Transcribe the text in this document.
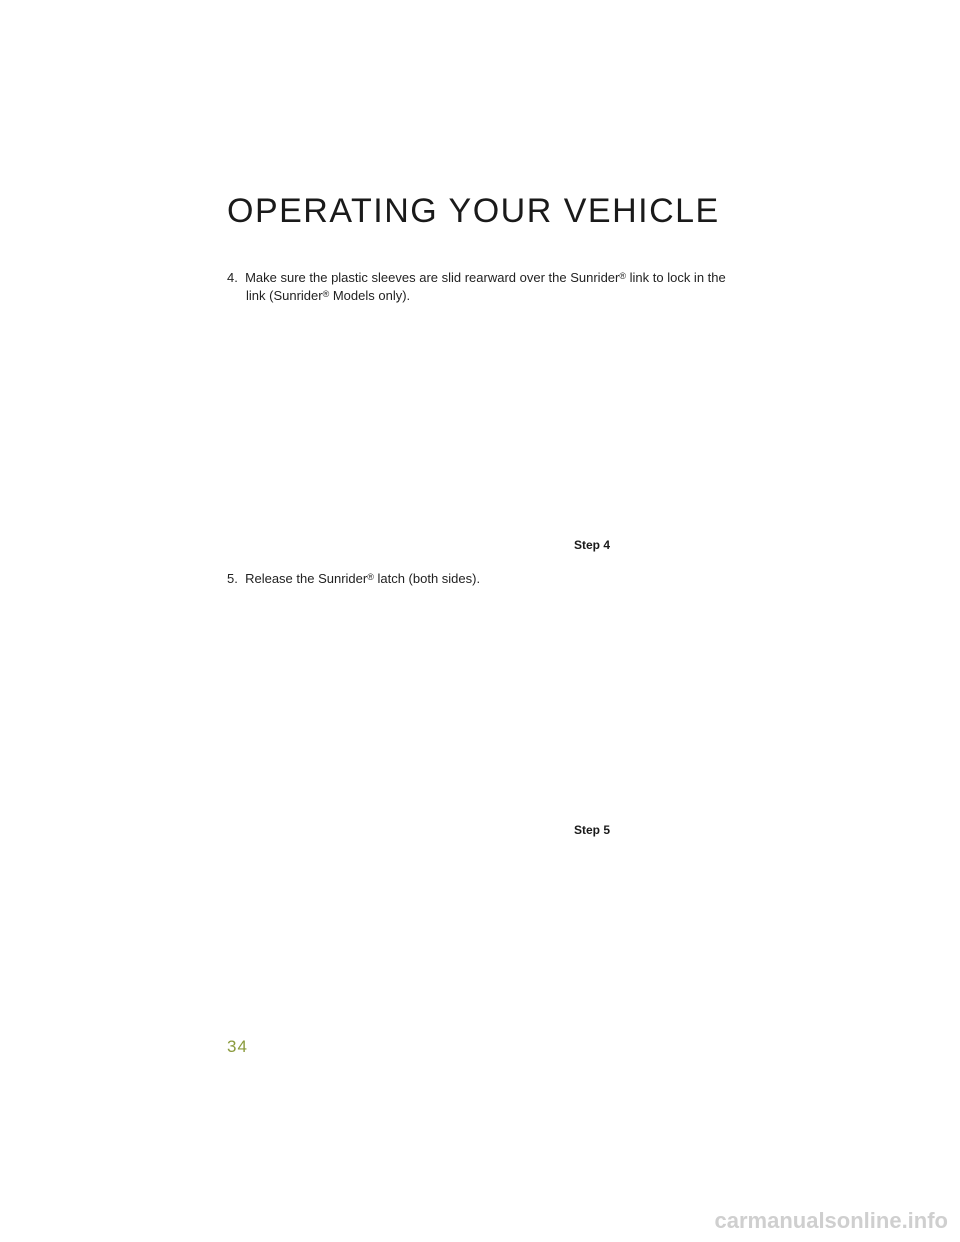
OPERATING YOUR VEHICLE
4. Make sure the plastic sleeves are slid rearward over the Sunrider® link to lock in the link (Sunrider® Models only).
Step 4
5. Release the Sunrider® latch (both sides).
Step 5
34
carmanualsonline.info
